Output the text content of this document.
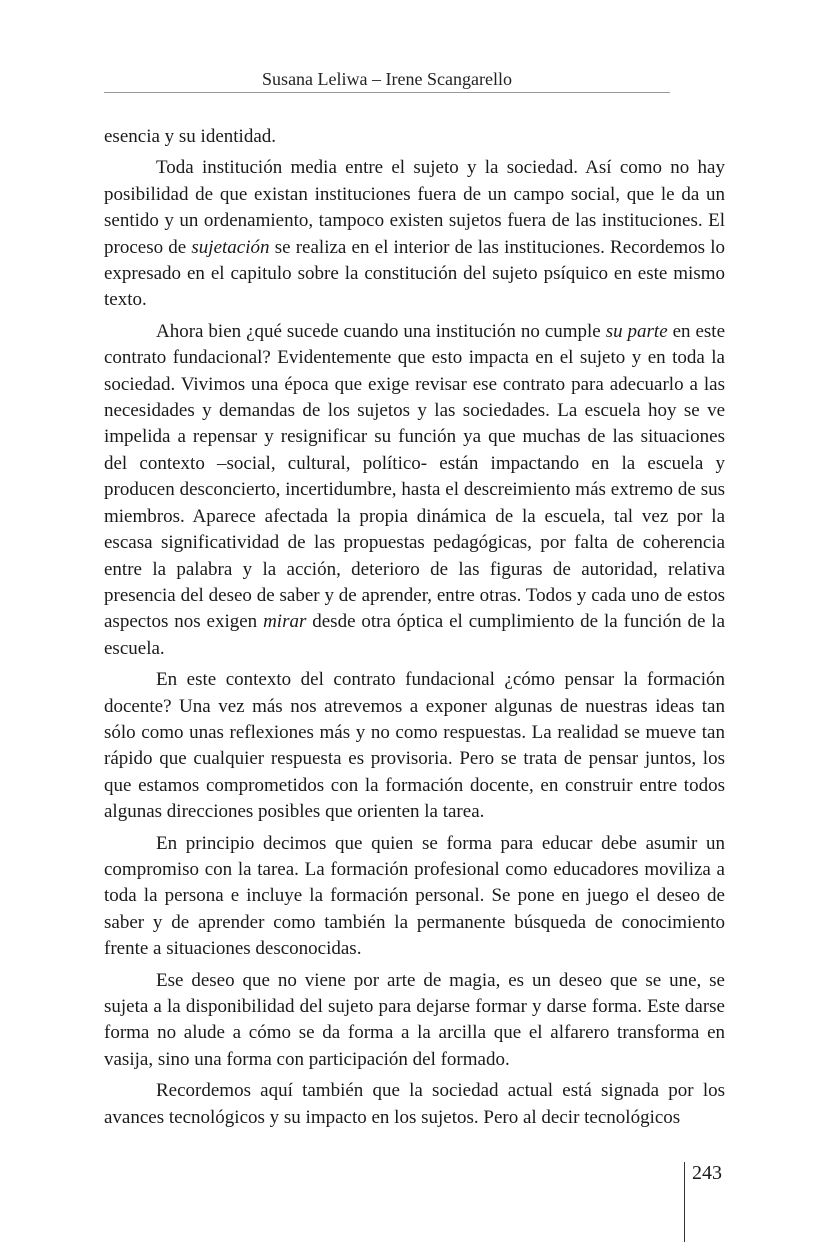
Susana Leliwa – Irene Scangarello

esencia y su identidad.

Toda institución media entre el sujeto y la sociedad. Así como no hay posibilidad de que existan instituciones fuera de un campo social, que le da un sentido y un ordenamiento, tampoco existen sujetos fuera de las instituciones. El proceso de sujetación se realiza en el interior de las instituciones. Recordemos lo expresado en el capitulo sobre la constitución del sujeto psíquico en este mismo texto.

Ahora bien ¿qué sucede cuando una institución no cumple su parte en este contrato fundacional? Evidentemente que esto impacta en el sujeto y en toda la sociedad. Vivimos una época que exige revisar ese contrato para adecuarlo a las necesidades y demandas de los sujetos y las sociedades. La escuela hoy se ve impelida a repensar y resignificar su función ya que muchas de las situaciones del contexto –social, cultural, político- están impactando en la escuela y producen desconcierto, incertidumbre, hasta el descreimiento más extremo de sus miembros. Aparece afectada la propia dinámica de la escuela, tal vez por la escasa significatividad de las propuestas pedagógicas, por falta de coherencia entre la palabra y la acción, deterioro de las figuras de autoridad, relativa presencia del deseo de saber y de aprender, entre otras. Todos y cada uno de estos aspectos nos exigen mirar desde otra óptica el cumplimiento de la función de la escuela.

En este contexto del contrato fundacional ¿cómo pensar la formación docente? Una vez más nos atrevemos a exponer algunas de nuestras ideas tan sólo como unas reflexiones más y no como respuestas. La realidad se mueve tan rápido que cualquier respuesta es provisoria. Pero se trata de pensar juntos, los que estamos comprometidos con la formación docente, en construir entre todos algunas direcciones posibles que orienten la tarea.

En principio decimos que quien se forma para educar debe asumir un compromiso con la tarea. La formación profesional como educadores moviliza a toda la persona e incluye la formación personal. Se pone en juego el deseo de saber y de aprender como también la permanente búsqueda de conocimiento frente a situaciones desconocidas.

Ese deseo que no viene por arte de magia, es un deseo que se une, se sujeta a la disponibilidad del sujeto para dejarse formar y darse forma. Este darse forma no alude a cómo se da forma a la arcilla que el alfarero transforma en vasija, sino una forma con participación del formado.

Recordemos aquí también que la sociedad actual está signada por los avances tecnológicos y su impacto en los sujetos. Pero al decir tecnológicos

243
